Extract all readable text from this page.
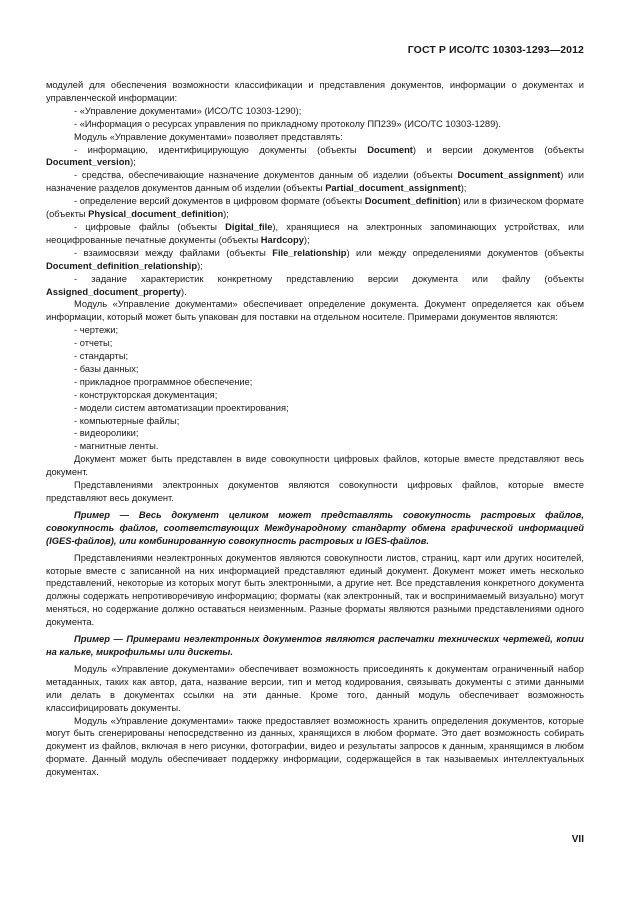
ГОСТ Р ИСО/ТС 10303-1293—2012

модулей для обеспечения возможности классификации и представления документов, информации о документах и управленческой информации:

- «Управление документами» (ИСО/ТС 10303-1290);

- «Информация о ресурсах управления по прикладному протоколу ПП239» (ИСО/ТС 10303-1289).

Модуль «Управление документами» позволяет представлять:

- информацию, идентифицирующую документы (объекты Document) и версии документов (объекты Document_version);

- средства, обеспечивающие назначение документов данным об изделии (объекты Document_assignment) или назначение разделов документов данным об изделии (объекты Partial_document_assignment);

- определение версий документов в цифровом формате (объекты Document_definition) или в физическом формате (объекты Physical_document_definition);

- цифровые файлы (объекты Digital_file), хранящиеся на электронных запоминающих устройствах, или неоцифрованные печатные документы (объекты Hardcopy);

- взаимосвязи между файлами (объекты File_relationship) или между определениями документов (объекты Document_definition_relationship);

- задание характеристик конкретному представлению версии документа или файлу (объекты Assigned_document_property).

Модуль «Управление документами» обеспечивает определение документа. Документ определяется как объем информации, который может быть упакован для поставки на отдельном носителе. Примерами документов являются:

- чертежи;

- отчеты;

- стандарты;

- базы данных;

- прикладное программное обеспечение;

- конструкторская документация;

- модели систем автоматизации проектирования;

- компьютерные файлы;

- видеоролики;

- магнитные ленты.

Документ может быть представлен в виде совокупности цифровых файлов, которые вместе представляют весь документ.

Представлениями электронных документов являются совокупности цифровых файлов, которые вместе представляют весь документ.

Пример — Весь документ целиком может представлять совокупность растровых файлов, совокупность файлов, соответствующих Международному стандарту обмена графической информацией (IGES-файлов), или комбинированную совокупность растровых и IGES-файлов.

Представлениями неэлектронных документов являются совокупности листов, страниц, карт или других носителей, которые вместе с записанной на них информацией представляют единый документ. Документ может иметь несколько представлений, некоторые из которых могут быть электронными, а другие нет. Все представления конкретного документа должны содержать непротиворечивую информацию; форматы (как электронный, так и воспринимаемый визуально) могут меняться, но содержание должно оставаться неизменным. Разные форматы являются разными представлениями одного документа.

Пример — Примерами неэлектронных документов являются распечатки технических чертежей, копии на кальке, микрофильмы или дискеты.

Модуль «Управление документами» обеспечивает возможность присоединять к документам ограниченный набор метаданных, таких как автор, дата, название версии, тип и метод кодирования, связывать документы с этими данными или делать в документах ссылки на эти данные. Кроме того, данный модуль обеспечивает возможность классифицировать документы.

Модуль «Управление документами» также предоставляет возможность хранить определения документов, которые могут быть сгенерированы непосредственно из данных, хранящихся в любом формате. Это дает возможность собирать документ из файлов, включая в него рисунки, фотографии, видео и результаты запросов к данным, хранящимся в любом формате. Данный модуль обеспечивает поддержку информации, содержащейся в так называемых интеллектуальных документах.

VII
